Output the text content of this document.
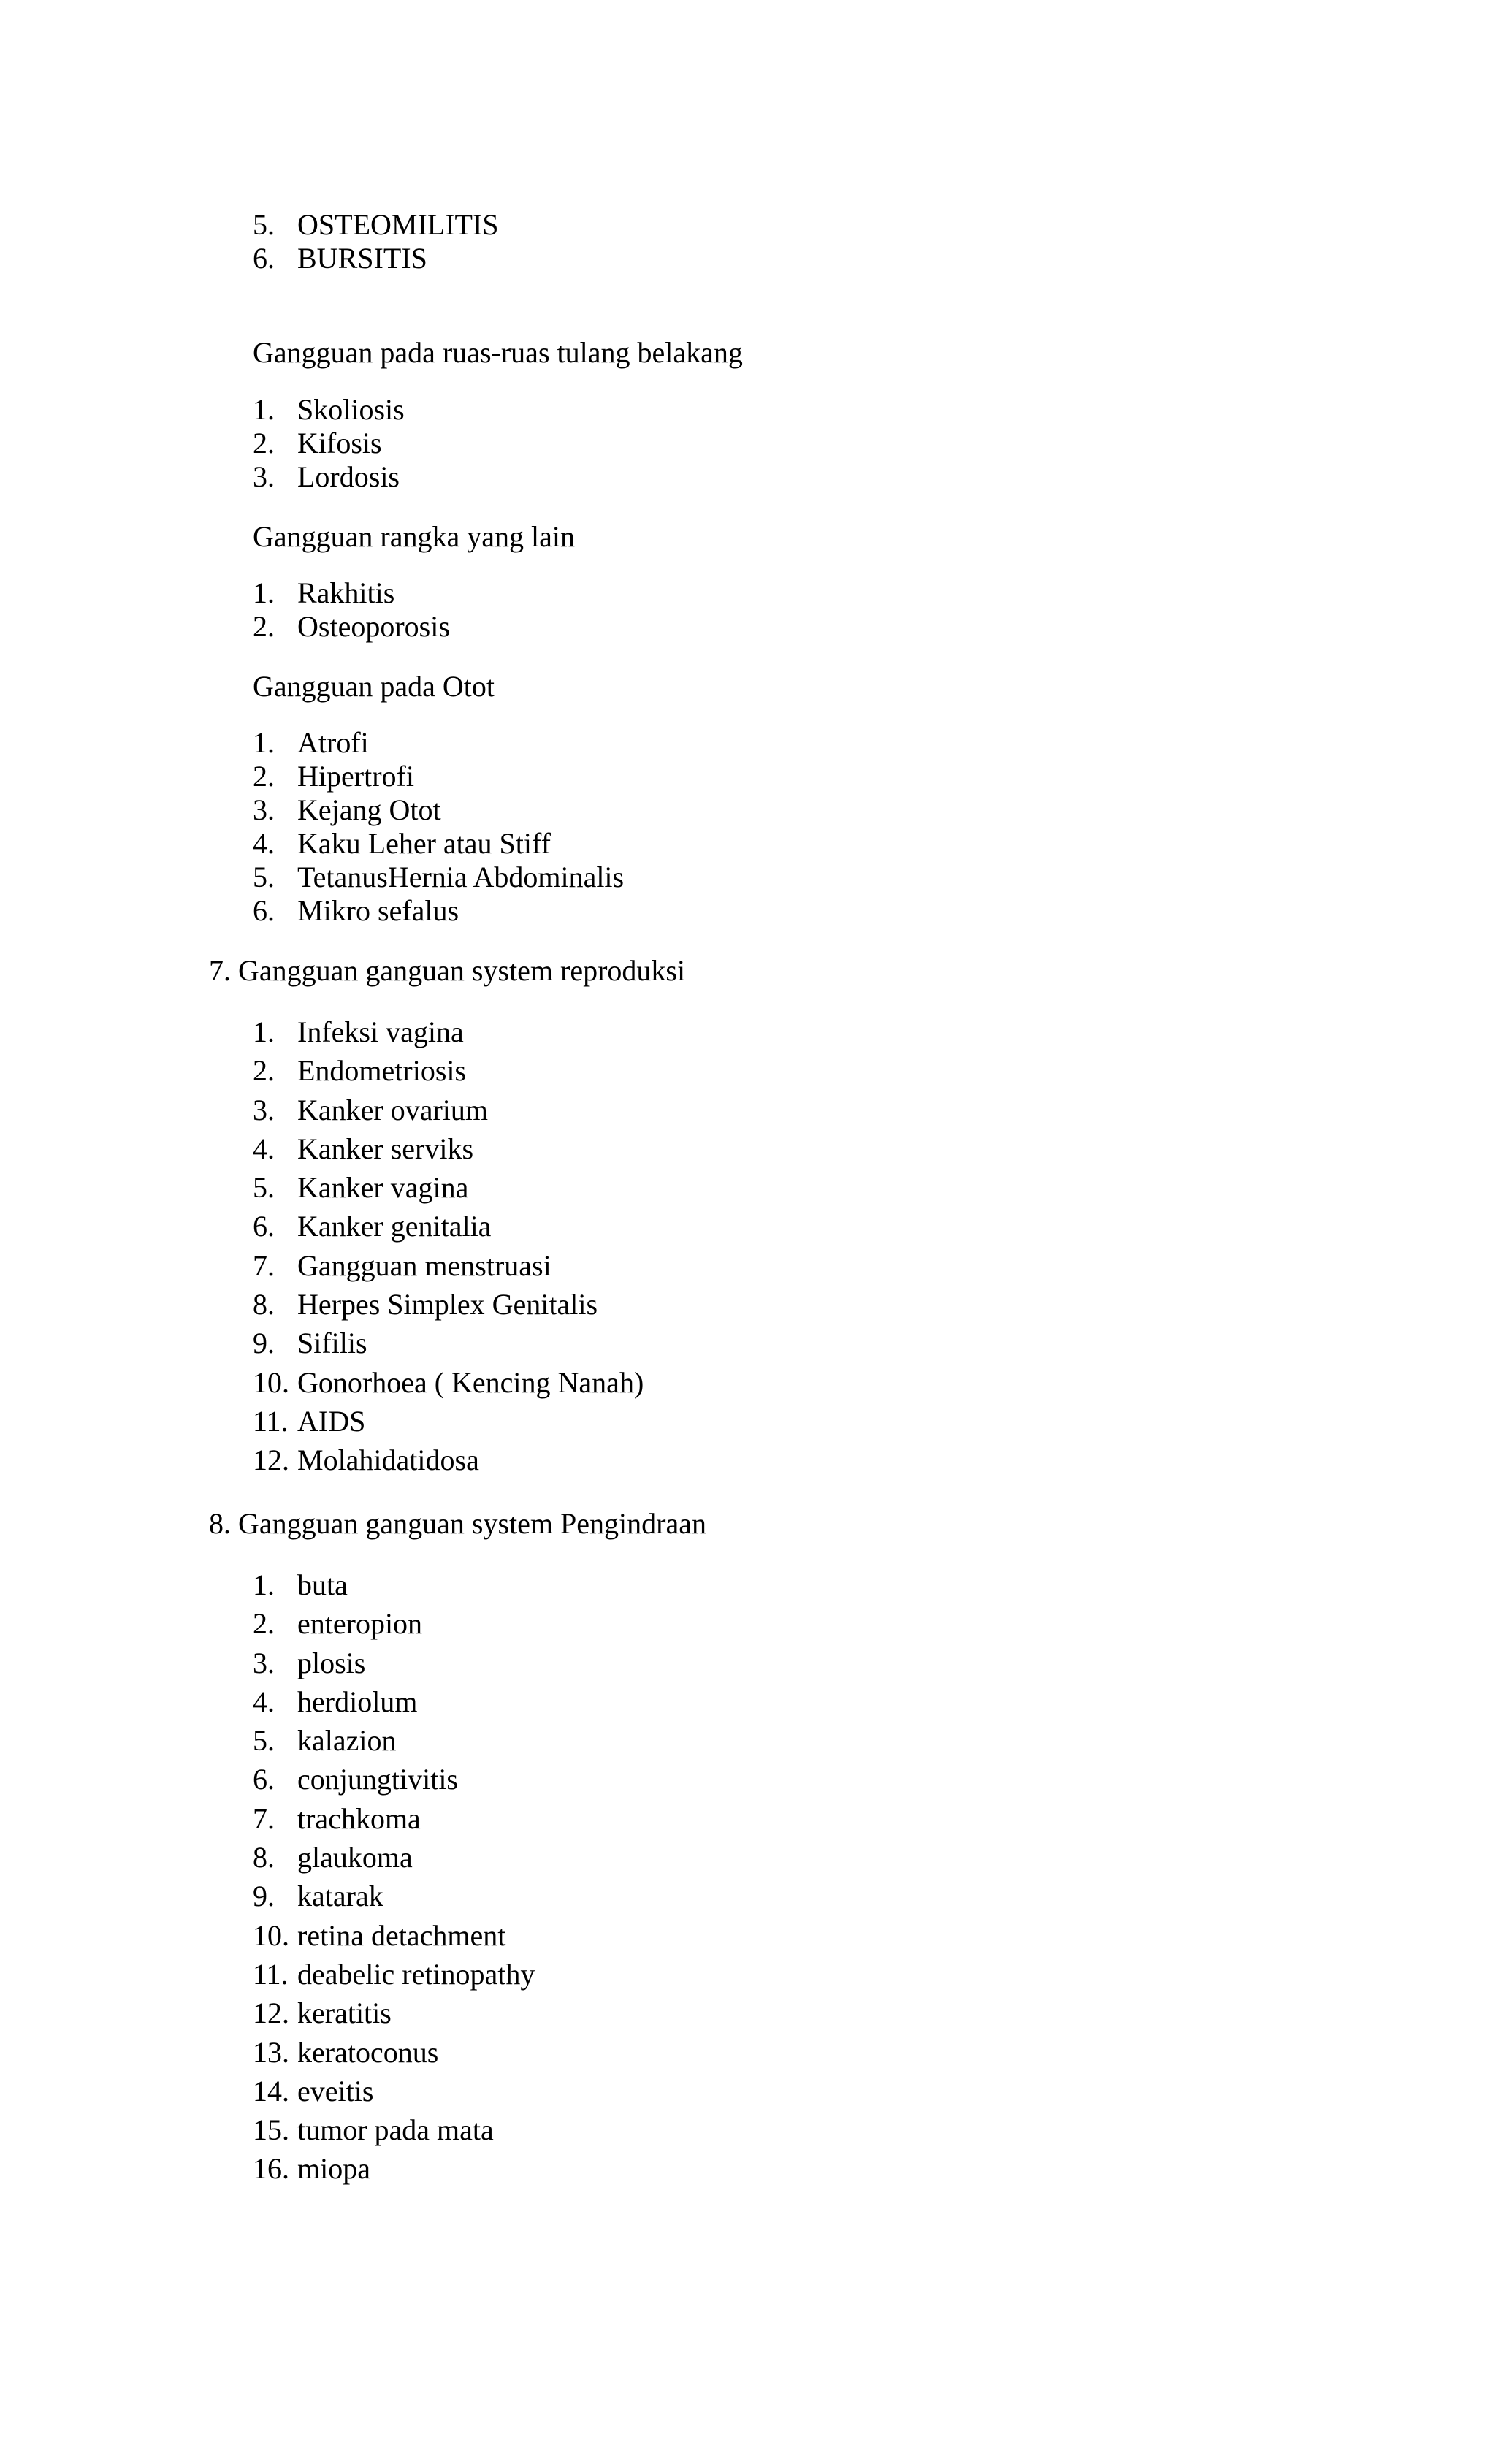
5. OSTEOMILITIS
6. BURSITIS

Gangguan pada ruas-ruas tulang belakang

1. Skoliosis
2. Kifosis
3. Lordosis

Gangguan rangka yang lain

1. Rakhitis
2. Osteoporosis

Gangguan pada Otot

1. Atrofi
2. Hipertrofi
3. Kejang Otot
4. Kaku Leher atau Stiff
5. TetanusHernia Abdominalis
6. Mikro sefalus

7. Gangguan ganguan system reproduksi

1. Infeksi vagina
2. Endometriosis
3. Kanker ovarium
4. Kanker serviks
5. Kanker vagina
6. Kanker genitalia
7. Gangguan menstruasi
8. Herpes Simplex Genitalis
9. Sifilis
10. Gonorhoea ( Kencing Nanah)
11. AIDS
12. Molahidatidosa

8. Gangguan ganguan system Pengindraan

1. buta
2. enteropion
3. plosis
4. herdiolum
5. kalazion
6. conjungtivitis
7. trachkoma
8. glaukoma
9. katarak
10. retina detachment
11. deabelic retinopathy
12. keratitis
13. keratoconus
14. eveitis
15. tumor pada mata
16. miopa
